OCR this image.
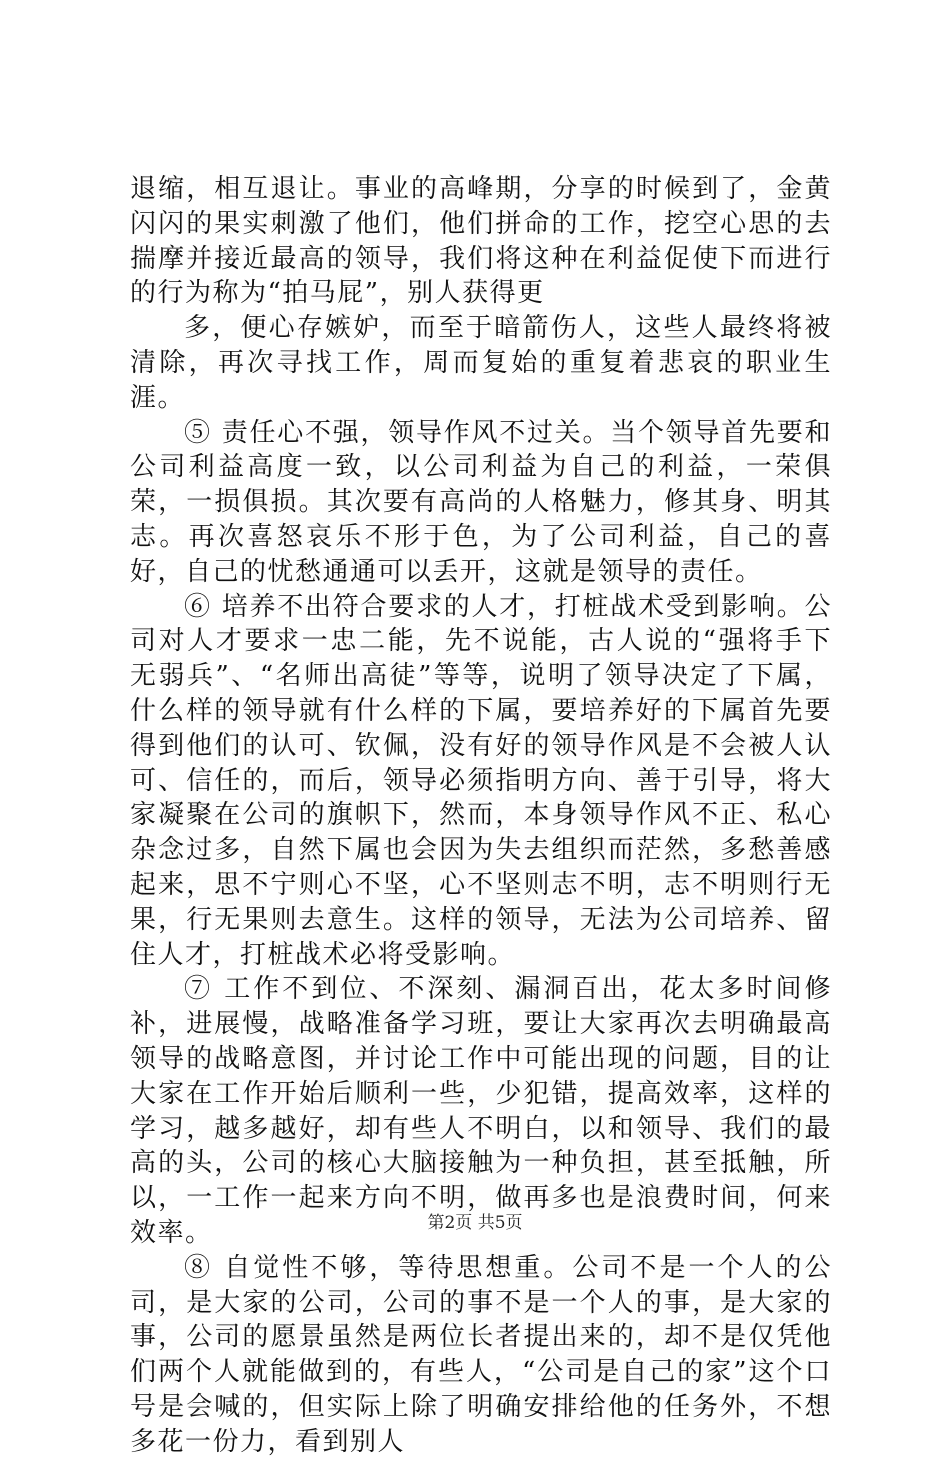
退缩，相互退让。事业的高峰期，分享的时候到了，金黄闪闪的果实刺激了他们，他们拼命的工作，挖空心思的去揣摩并接近最高的领导，我们将这种在利益促使下而进行的行为称为“拍马屁”，别人获得更

多，便心存嫉妒，而至于暗箭伤人，这些人最终将被清除，再次寻找工作，周而复始的重复着悲哀的职业生涯。

⑤ 责任心不强，领导作风不过关。当个领导首先要和公司利益高度一致，以公司利益为自己的利益，一荣俱荣，一损俱损。其次要有高尚的人格魅力，修其身、明其志。再次喜怒哀乐不形于色，为了公司利益，自己的喜好，自己的忧愁通通可以丢开，这就是领导的责任。

⑥ 培养不出符合要求的人才，打桩战术受到影响。公司对人才要求一忠二能，先不说能，古人说的“强将手下无弱兵”、“名师出高徒”等等，说明了领导决定了下属，什么样的领导就有什么样的下属，要培养好的下属首先要得到他们的认可、钦佩，没有好的领导作风是不会被人认可、信任的，而后，领导必须指明方向、善于引导，将大家凝聚在公司的旗帜下，然而，本身领导作风不正、私心杂念过多，自然下属也会因为失去组织而茫然，多愁善感起来，思不宁则心不坚，心不坚则志不明，志不明则行无果，行无果则去意生。这样的领导，无法为公司培养、留住人才，打桩战术必将受影响。

⑦ 工作不到位、不深刻、漏洞百出，花太多时间修补，进展慢，战略准备学习班，要让大家再次去明确最高领导的战略意图，并讨论工作中可能出现的问题，目的让大家在工作开始后顺利一些，少犯错，提高效率，这样的学习，越多越好，却有些人不明白，以和领导、我们的最高的头，公司的核心大脑接触为一种负担，甚至抵触，所以，一工作一起来方向不明，做再多也是浪费时间，何来效率。

⑧ 自觉性不够，等待思想重。公司不是一个人的公司，是大家的公司，公司的事不是一个人的事，是大家的事，公司的愿景虽然是两位长者提出来的，却不是仅凭他们两个人就能做到的，有些人，“公司是自己的家”这个口号是会喊的，但实际上除了明确安排给他的任务外，不想多花一份力，看到别人

第2页 共5页
